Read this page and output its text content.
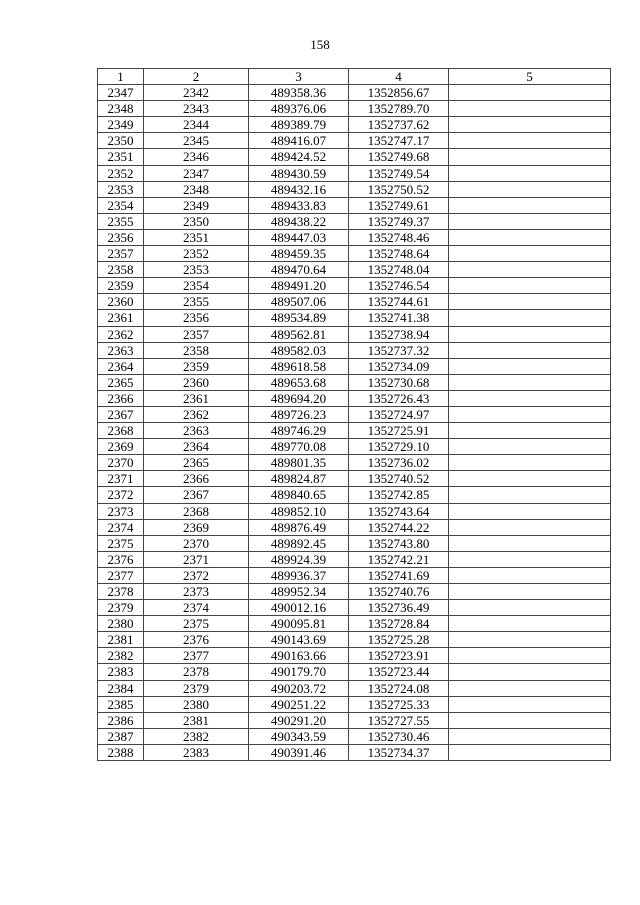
158
1	2	3	4	5
2347	2342	489358.36	1352856.67	
2348	2343	489376.06	1352789.70	
2349	2344	489389.79	1352737.62	
2350	2345	489416.07	1352747.17	
2351	2346	489424.52	1352749.68	
2352	2347	489430.59	1352749.54	
2353	2348	489432.16	1352750.52	
2354	2349	489433.83	1352749.61	
2355	2350	489438.22	1352749.37	
2356	2351	489447.03	1352748.46	
2357	2352	489459.35	1352748.64	
2358	2353	489470.64	1352748.04	
2359	2354	489491.20	1352746.54	
2360	2355	489507.06	1352744.61	
2361	2356	489534.89	1352741.38	
2362	2357	489562.81	1352738.94	
2363	2358	489582.03	1352737.32	
2364	2359	489618.58	1352734.09	
2365	2360	489653.68	1352730.68	
2366	2361	489694.20	1352726.43	
2367	2362	489726.23	1352724.97	
2368	2363	489746.29	1352725.91	
2369	2364	489770.08	1352729.10	
2370	2365	489801.35	1352736.02	
2371	2366	489824.87	1352740.52	
2372	2367	489840.65	1352742.85	
2373	2368	489852.10	1352743.64	
2374	2369	489876.49	1352744.22	
2375	2370	489892.45	1352743.80	
2376	2371	489924.39	1352742.21	
2377	2372	489936.37	1352741.69	
2378	2373	489952.34	1352740.76	
2379	2374	490012.16	1352736.49	
2380	2375	490095.81	1352728.84	
2381	2376	490143.69	1352725.28	
2382	2377	490163.66	1352723.91	
2383	2378	490179.70	1352723.44	
2384	2379	490203.72	1352724.08	
2385	2380	490251.22	1352725.33	
2386	2381	490291.20	1352727.55	
2387	2382	490343.59	1352730.46	
2388	2383	490391.46	1352734.37	
